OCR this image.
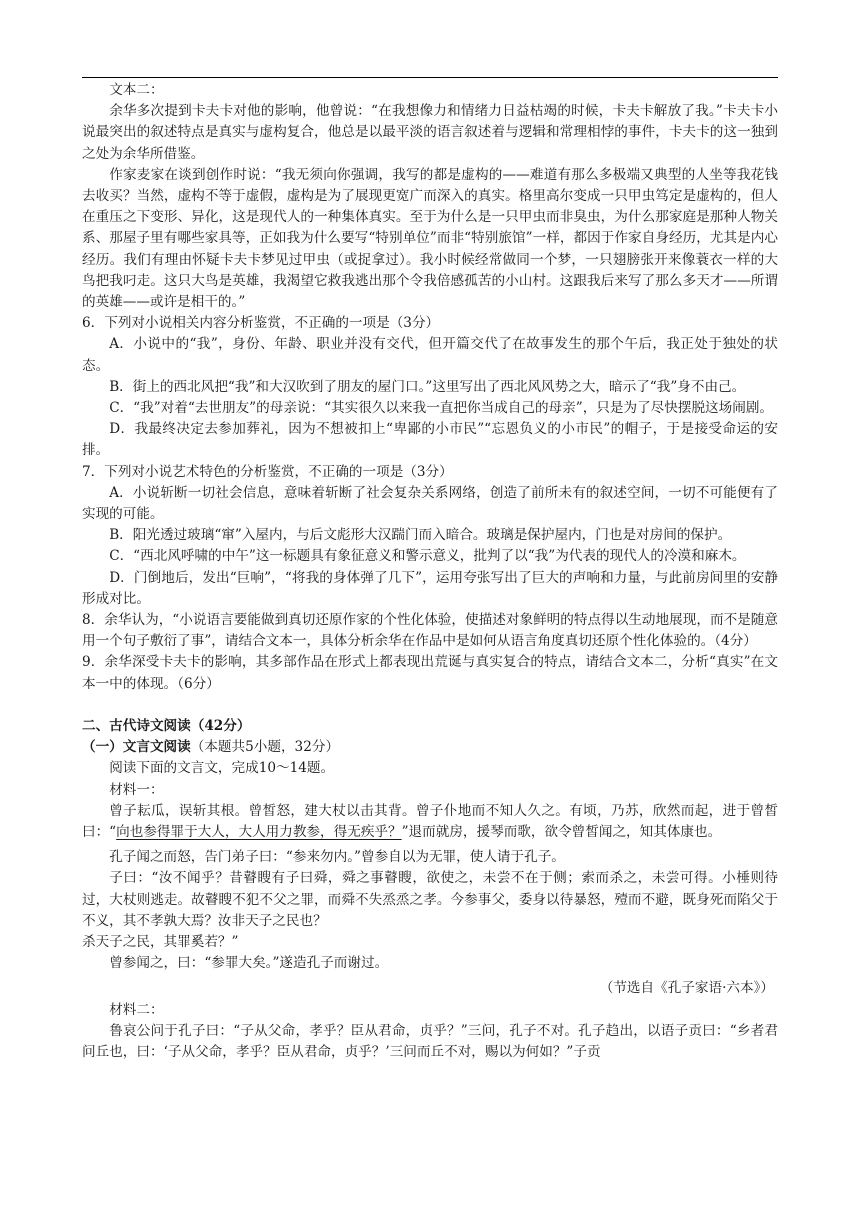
文本二：

余华多次提到卡夫卡对他的影响，他曾说：“在我想像力和情绪力日益枯竭的时候，卡夫卡解放了我。”卡夫卡小说最突出的叙述特点是真实与虚构复合，他总是以最平淡的语言叙述着与逻辑和常理相悖的事件，卡夫卡的这一独到之处为余华所借鉴。

作家麦家在谈到创作时说：“我无须向你强调，我写的都是虚构的——难道有那么多极端又典型的人坐等我花钱去收买？当然，虚构不等于虚假，虚构是为了展现更宽广而深入的真实。格里高尔变成一只甲虫笃定是虚构的，但人在重压之下变形、异化，这是现代人的一种集体真实。至于为什么是一只甲虫而非臭虫，为什么那家庭是那种人物关系、那屋子里有哪些家具等，正如我为什么要写“特别单位”而非“特别旅馆”一样，都因于作家自身经历，尤其是内心经历。我们有理由怀疑卡夫卡梦见过甲虫（或捉拿过）。我小时候经常做同一个梦，一只翅膀张开来像蓑衣一样的大鸟把我叼走。这只大鸟是英雄，我渴望它救我逃出那个令我倍感孤苦的小山村。这跟我后来写了那么多天才——所谓的英雄——或许是相干的。”

6．下列对小说相关内容分析鉴赏，不正确的一项是（3分）

A．小说中的“我”，身份、年龄、职业并没有交代，但开篇交代了在故事发生的那个午后，我正处于独处的状态。

B．街上的西北风把“我”和大汉吹到了朋友的屋门口。”这里写出了西北风风势之大，暗示了“我”身不由己。

C．“我”对着“去世朋友”的母亲说：“其实很久以来我一直把你当成自己的母亲”，只是为了尽快摆脱这场闹剧。

D．我最终决定去参加葬礼，因为不想被扣上“卑鄙的小市民”“忘恩负义的小市民”的帽子，于是接受命运的安排。

7．下列对小说艺术特色的分析鉴赏，不正确的一项是（3分）

A．小说斩断一切社会信息，意味着斩断了社会复杂关系网络，创造了前所未有的叙述空间，一切不可能便有了实现的可能。

B．阳光透过玻璃“窜”入屋内，与后文彪形大汉踹门而入暗合。玻璃是保护屋内，门也是对房间的保护。

C．“西北风呼啸的中午”这一标题具有象征意义和警示意义，批判了以“我”为代表的现代人的冷漠和麻木。

D．门倒地后，发出“巨响”，“将我的身体弹了几下”，运用夸张写出了巨大的声响和力量，与此前房间里的安静形成对比。

8．余华认为，“小说语言要能做到真切还原作家的个性化体验，使描述对象鲜明的特点得以生动地展现，而不是随意用一个句子敷衍了事”，请结合文本一，具体分析余华在作品中是如何从语言角度真切还原个性化体验的。（4分）

9．余华深受卡夫卡的影响，其多部作品在形式上都表现出荒诞与真实复合的特点，请结合文本二，分析“真实”在文本一中的体现。（6分）

二、古代诗文阅读（42分）

（一）文言文阅读（本题共5小题，32分）

阅读下面的文言文，完成10～14题。

材料一：

曾子耘瓜，误斩其根。曾皙怒，建大杖以击其背。曾子仆地而不知人久之。有顷，乃苏，欣然而起，进于曾皙曰：“向也参得罪于大人，大人用力教参，得无疾乎？”退而就房，援琴而歌，欲令曾皙闻之，知其体康也。

孔子闻之而怒，告门弟子曰：“参来勿内。”曾参自以为无罪，使人请于孔子。

子曰：“汝不闻乎？昔瞽瞍有子曰舜，舜之事瞽瞍，欲使之，未尝不在于侧；索而杀之，未尝可得。小棰则待过，大杖则逃走。故瞽瞍不犯不父之罪，而舜不失烝烝之孝。今参事父，委身以待暴怒，殪而不避，既身死而陷父于不义，其不孝孰大焉？汝非天子之民也？

杀天子之民，其罪奚若？”

曾参闻之，曰：“参罪大矣。”遂造孔子而谢过。

（节选自《孔子家语·六本》）

材料二：

鲁哀公问于孔子曰：“子从父命，孝乎？臣从君命，贞乎？”三问，孔子不对。孔子趋出，以语子贡曰：“乡者君问丘也，曰：‘子从父命，孝乎？臣从君命，贞乎？’三问而丘不对，赐以为何如？”子贡
